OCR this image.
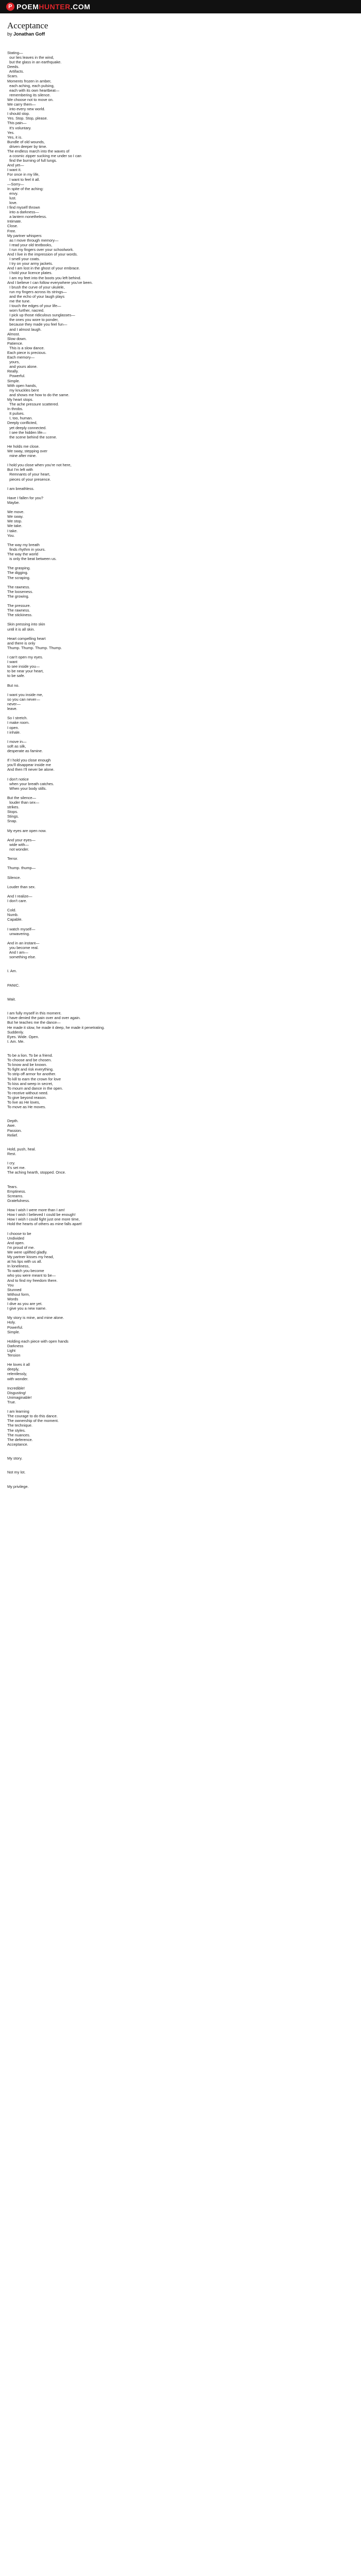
P POEMHUNTER.COM
Acceptance
by Jonathan Goff
Stating—
our lies leaves in the wind,
but the glass in an earthquake.
Deeds.
Artifacts.
Scars.
Moments frozen in amber,
each aching, each pulsing,
each with its own heartbeat—
remembering its silence.
We choose not to move on.
We carry them—
into every new world.
I should stop.
Yes. Stop. Stop, please.
This pain—
It's voluntary.
Yes.
Yes, it is.
Bundle of old wounds,
driven deeper by time.
The endless march into the waves of
a cosmic zipper sucking me under so I can
find the burning of full lungs.
And yet—
I want it.
For once in my life,
I want to feel it all.
—Sorry—
In spite of the aching:
envy.
lust.
love.
I find myself thrown
into a darkness—
a lantern nonetheless.
Intimate.
Close.
Free.
My partner whispers
as I move through memory—
I read your old textbooks,
I run my fingers over your schoolwork.
And I live in the impression of your words.
I smell your coats.
I try on your army jackets.
And I am lost in the ghost of your embrace.
I hold your licence plates.
I am my feet into the boots you left behind.
And I believe I can follow everywhere you've been.
I brush the curve of your ukulele,
run my fingers across its strings—
and the echo of your laugh plays
me the tune.
I touch the edges of your life—
worn further, nacred.
I pick up those ridiculous sunglasses—
the ones you wore to ponder,
because they made you feel fun—
and I almost laugh.
Almost.
Slow down.
Patience.
This is a slow dance.
Each piece is precious.
Each memory—
yours,
and yours alone.
Really.
Powerful.
Simple.
With open hands,
my knuckles bent
and shows me how to do the same.
My heart stops.
The ache pressure scattered.
In throbs.
It pulses.
I, too, human.
Deeply conflicted,
yet deeply connected.
I see the hidden life—
the scene behind the scene.

He holds me close.
We sway, stepping over
mine after mine.

I hold you close when you're not here,
But I'm left with
Remnants of your heart,
pieces of your presence.

I am breathless.

Have I fallen for you?
Maybe.

We move.
We sway.
We stop.
We take.
I take.
You.

The way my breath
finds rhythm in yours.
The way the world
is only the beat between us.

The grasping.
The digging.
The scraping.

The rawness.
The looseness.
The growing.

The pressure.
The rawness.
The stickiness.

Skin pressing into skin
until it is all skin.

Heart compelling heart
and there is only
Thump. Thump. Thump. Thump.

I can't open my eyes.
I want
to see inside you—
to be near your heart,
to be safe.

But no.

I want you inside me,
so you can never—
never—
leave.

So I stretch.
I make room.
I open.
I inhale.

I move in—
soft as silk,
desperate as famine.

If I hold you close enough
you'll disappear inside me
And then I'll never be alone.

I don't notice
when your breath catches.
When your body stills.

But the silence—
louder than sex—
strikes.
Stops.
Stings.
Snap.

My eyes are open now.

And your eyes—
wide with—
not wonder.

Terror.

Thump. thump—

Silence.

Louder than sex.

And I realize—
I don't care.

Cold.
Numb.
Capable.

I watch myself—
unwavering.

And in an instant—
you become real.
And I am—
something else.

I. Am.

PANIC.

Wait.

I am fully myself in this moment.
I have denied the pain over and over again.
But he teaches me the dance—
He made it slow, he made it deep, he made it penetrating.
Suddenly.
Eyes. Wide. Open.
I. Am. Me.

To be a lion. To be a friend.
To choose and be chosen.
To know and be known.
To fight and risk everything.
To strip off armor for another.
To kill to earn the crown for love
To kiss and weep in secret,
To mourn and dance in the open.
To receive without need.
To give beyond reason.
To live as He loves,
To move as He moves.

Depth.
Awe.
Passion.
Relief.

Hold, push, heal.
Rest.

I cry.
It's set me.
The aching hearth, stopped. Once.

Tears.
Emptiness.
Screams.
Gratefulness.

How I wish I were more than I am!
How I wish I believed I could be enough!
How I wish I could fight just one more time,
Hold the hearts of others as mine falls apart!

I choose to be
Undivided
And open.
I'm proud of me.
We were uplifted gladly.
My partner kisses my head,
at his lips with us all.
In loneliness,
To watch you become
who you were meant to be—
And to find my freedom there.
You
Stunned
Without form,
Words
I dive as you are yet.
I give you a new name.

My story is mine, and mine alone.
Holy.
Powerful.
Simple.

Holding each piece with open hands
Darkness
Light
Tension

He loves it all
deeply,
relentlessly,
with wonder.

Incredible!
Disgusting!
Unimaginable!
True.

I am learning
The courage to do this dance.
The ownership of the moment.
The technique.
The styles.
The nuances.
The deference.
Acceptance.

My story.

Not my lot.

My privilege.
